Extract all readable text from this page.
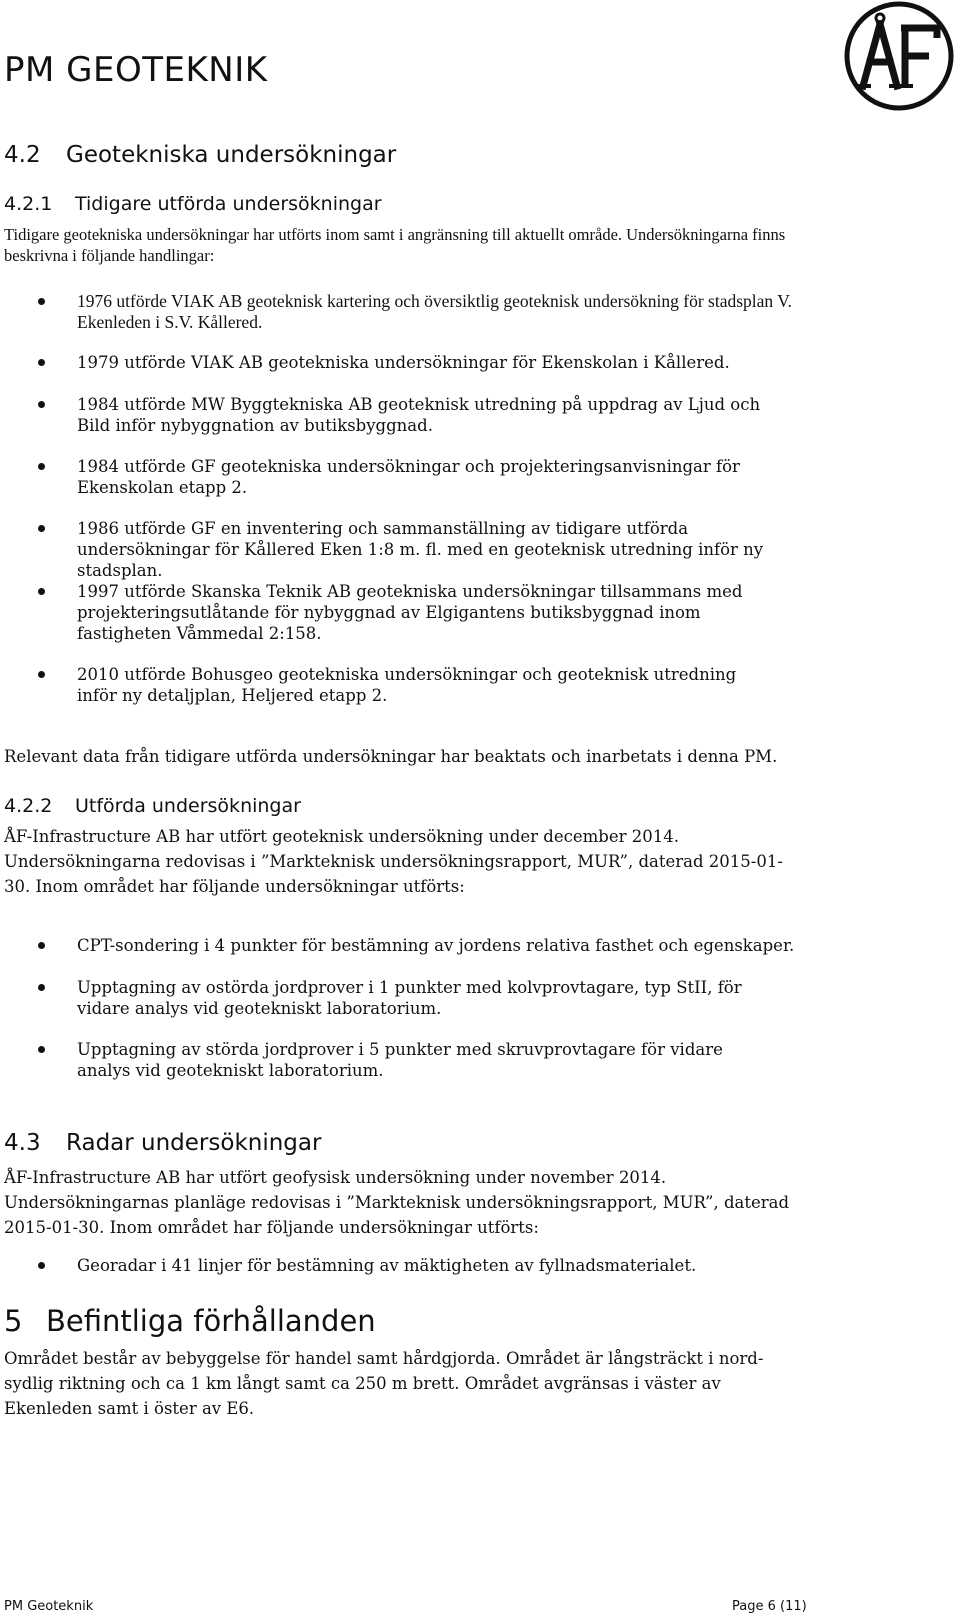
PM GEOTEKNIK
4.2 Geotekniska undersökningar
4.2.1 Tidigare utförda undersökningar
Tidigare geotekniska undersökningar har utförts inom samt i angränsning till aktuellt område. Undersökningarna finns beskrivna i följande handlingar:
1976 utförde VIAK AB geoteknisk kartering och översiktlig geoteknisk undersökning för stadsplan V. Ekenleden i S.V. Kållered.
1979 utförde VIAK AB geotekniska undersökningar för Ekenskolan i Kållered.
1984 utförde MW Byggtekniska AB geoteknisk utredning på uppdrag av Ljud och Bild inför nybyggnation av butiksbyggnad.
1984 utförde GF geotekniska undersökningar och projekteringsanvisningar för Ekenskolan etapp 2.
1986 utförde GF en inventering och sammanställning av tidigare utförda undersökningar för Kållered Eken 1:8 m. fl. med en geoteknisk utredning inför ny stadsplan.
1997 utförde Skanska Teknik AB geotekniska undersökningar tillsammans med projekteringsutlåtande för nybyggnad av Elgigantens butiksbyggnad inom fastigheten Våmmedal 2:158.
2010 utförde Bohusgeo geotekniska undersökningar och geoteknisk utredning inför ny detaljplan, Heljered etapp 2.
Relevant data från tidigare utförda undersökningar har beaktats och inarbetats i denna PM.
4.2.2 Utförda undersökningar
ÅF-Infrastructure AB har utfört geoteknisk undersökning under december 2014. Undersökningarna redovisas i ”Markteknisk undersökningsrapport, MUR”, daterad 2015-01-30. Inom området har följande undersökningar utförts:
CPT-sondering i 4 punkter för bestämning av jordens relativa fasthet och egenskaper.
Upptagning av ostörda jordprover i 1 punkter med kolvprovtagare, typ StII, för vidare analys vid geotekniskt laboratorium.
Upptagning av störda jordprover i 5 punkter med skruvprovtagare för vidare analys vid geotekniskt laboratorium.
4.3 Radar undersökningar
ÅF-Infrastructure AB har utfört geofysisk undersökning under november 2014. Undersökningarnas planläge redovisas i ”Markteknisk undersökningsrapport, MUR”, daterad 2015-01-30. Inom området har följande undersökningar utförts:
Georadar i 41 linjer för bestämning av mäktigheten av fyllnadsmaterialet.
5 Befintliga förhållanden
Området består av bebyggelse för handel samt hårdgjorda. Området är långsträckt i nord- sydlig riktning och ca 1 km långt samt ca 250 m brett. Området avgränsas i väster av Ekenleden samt i öster av E6.
PM Geoteknik	Page 6 (11)
